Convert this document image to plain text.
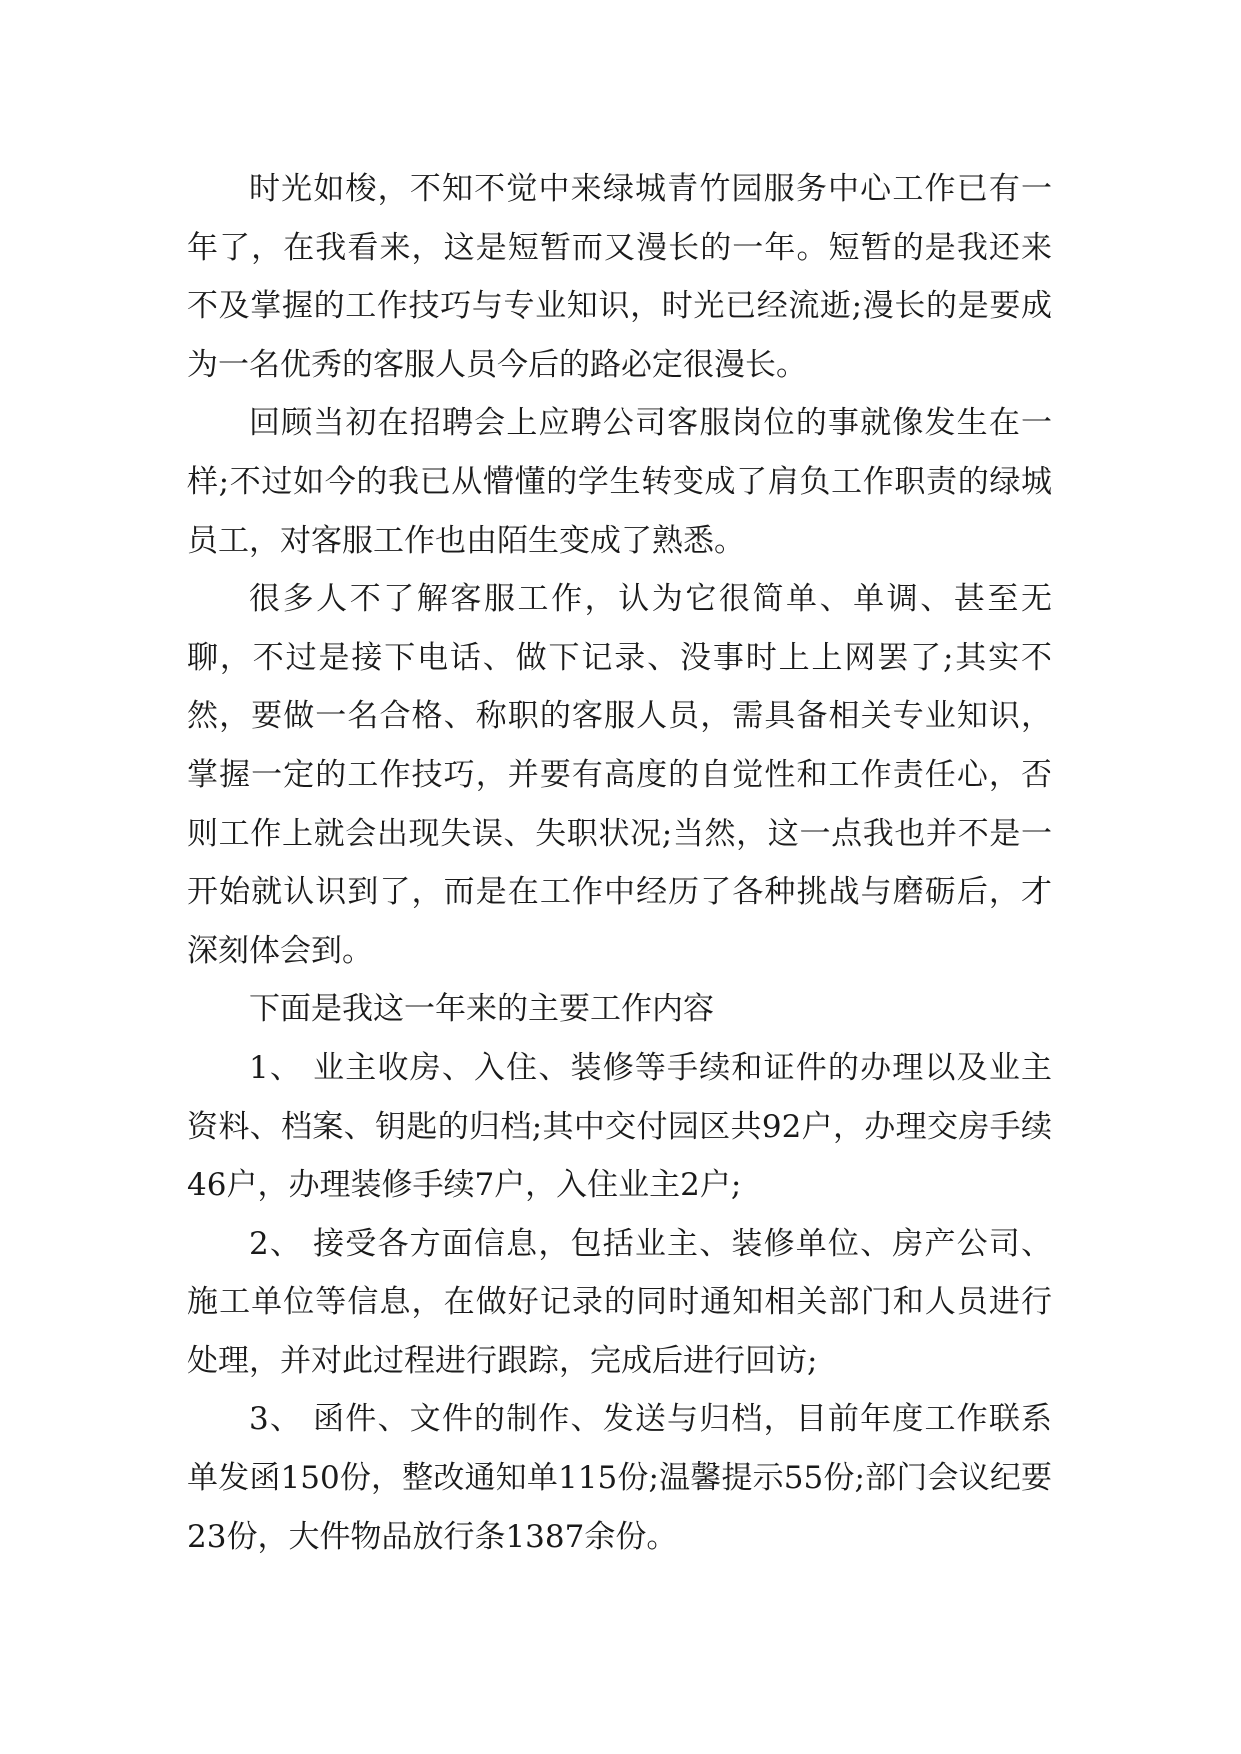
时光如梭，不知不觉中来绿城青竹园服务中心工作已有一年了，在我看来，这是短暂而又漫长的一年。短暂的是我还来不及掌握的工作技巧与专业知识，时光已经流逝;漫长的是要成为一名优秀的客服人员今后的路必定很漫长。

回顾当初在招聘会上应聘公司客服岗位的事就像发生在一样;不过如今的我已从懵懂的学生转变成了肩负工作职责的绿城员工，对客服工作也由陌生变成了熟悉。

很多人不了解客服工作，认为它很简单、单调、甚至无聊，不过是接下电话、做下记录、没事时上上网罢了;其实不然，要做一名合格、称职的客服人员，需具备相关专业知识，掌握一定的工作技巧，并要有高度的自觉性和工作责任心，否则工作上就会出现失误、失职状况;当然，这一点我也并不是一开始就认识到了，而是在工作中经历了各种挑战与磨砺后，才深刻体会到。

下面是我这一年来的主要工作内容

1、 业主收房、入住、装修等手续和证件的办理以及业主资料、档案、钥匙的归档;其中交付园区共92户，办理交房手续46户，办理装修手续7户，入住业主2户;

2、 接受各方面信息，包括业主、装修单位、房产公司、施工单位等信息，在做好记录的同时通知相关部门和人员进行处理，并对此过程进行跟踪，完成后进行回访;

3、 函件、文件的制作、发送与归档，目前年度工作联系单发函150份，整改通知单115份;温馨提示55份;部门会议纪要23份，大件物品放行条1387余份。
